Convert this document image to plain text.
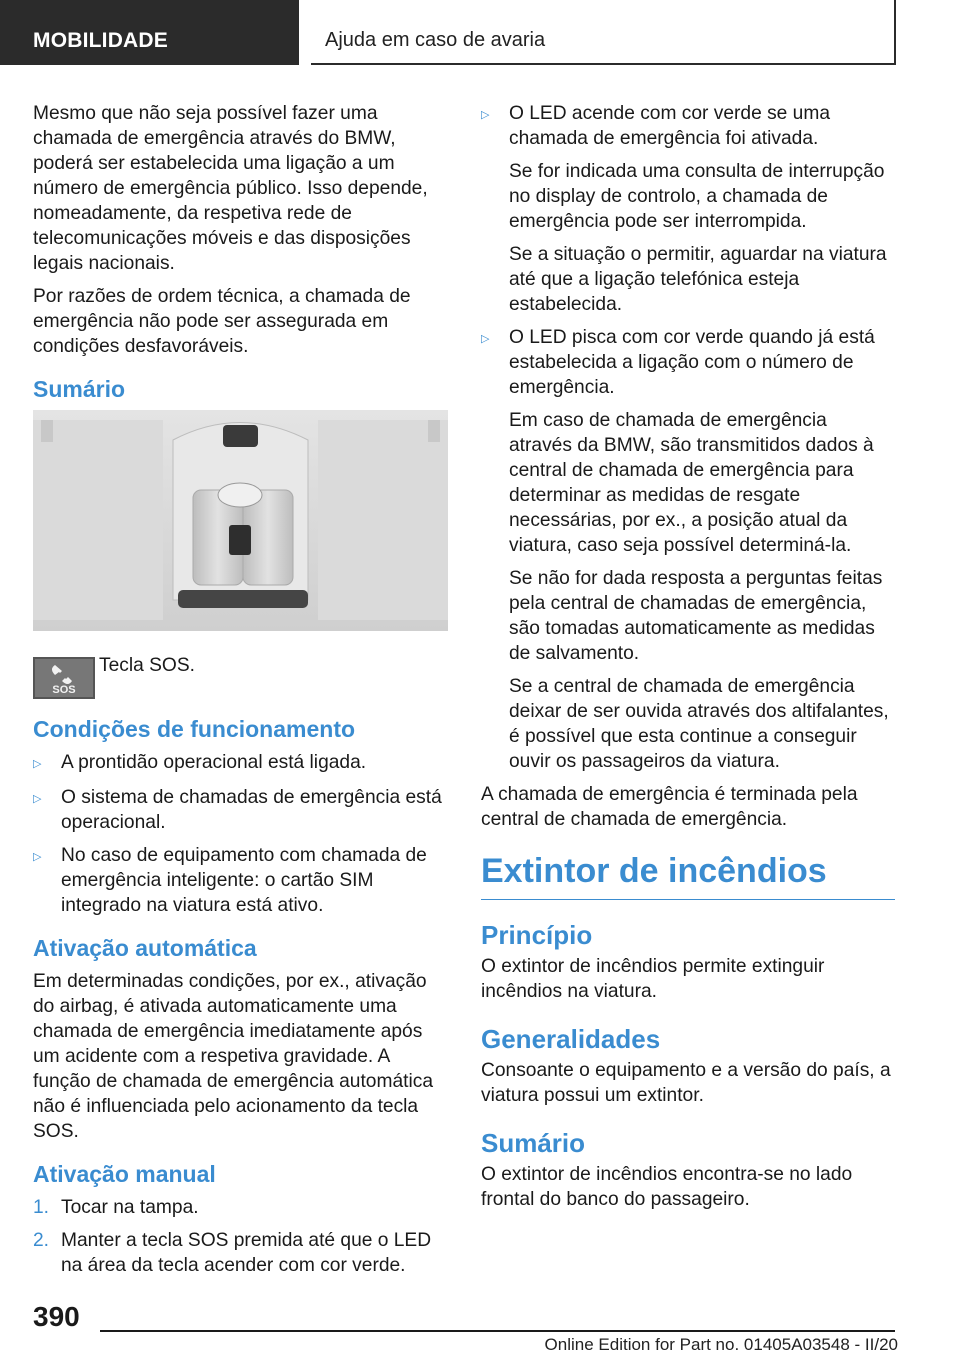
MOBILIDADE	Ajuda em caso de avaria

Mesmo que não seja possível fazer uma chamada de emergência através do BMW, poderá ser estabelecida uma ligação a um número de emergência público. Isso depende, nomeadamente, da respetiva rede de telecomunicações móveis e das disposições legais nacionais.

Por razões de ordem técnica, a chamada de emergência não pode ser assegurada em condições desfavoráveis.

Sumário
SOS
Tecla SOS.
Condições de funcionamento
▷	A prontidão operacional está ligada.
▷	O sistema de chamadas de emergência está operacional.
▷	No caso de equipamento com chamada de emergência inteligente: o cartão SIM integrado na viatura está ativo.
Ativação automática

Em determinadas condições, por ex., ativação do airbag, é ativada automaticamente uma chamada de emergência imediatamente após um acidente com a respetiva gravidade. A função de chamada de emergência automática não é influenciada pelo acionamento da tecla SOS.

Ativação manual
1. Tocar na tampa.
2. Manter a tecla SOS premida até que o LED na área da tecla acender com cor verde.
▷	O LED acende com cor verde se uma chamada de emergência foi ativada.

Se for indicada uma consulta de interrupção no display de controlo, a chamada de emergência pode ser interrompida.

Se a situação o permitir, aguardar na viatura até que a ligação telefónica esteja estabelecida.

▷	O LED pisca com cor verde quando já está estabelecida a ligação com o número de emergência.

Em caso de chamada de emergência através da BMW, são transmitidos dados à central de chamada de emergência para determinar as medidas de resgate necessárias, por ex., a posição atual da viatura, caso seja possível determiná-la.

Se não for dada resposta a perguntas feitas pela central de chamadas de emergência, são tomadas automaticamente as medidas de salvamento.

Se a central de chamada de emergência deixar de ser ouvida através dos altifalantes, é possível que esta continue a conseguir ouvir os passageiros da viatura.

A chamada de emergência é terminada pela central de chamada de emergência.

Extintor de incêndios
Princípio

O extintor de incêndios permite extinguir incêndios na viatura.

Generalidades

Consoante o equipamento e a versão do país, a viatura possui um extintor.

Sumário

O extintor de incêndios encontra-se no lado frontal do banco do passageiro.

390
Online Edition for Part no. 01405A03548 - II/20
